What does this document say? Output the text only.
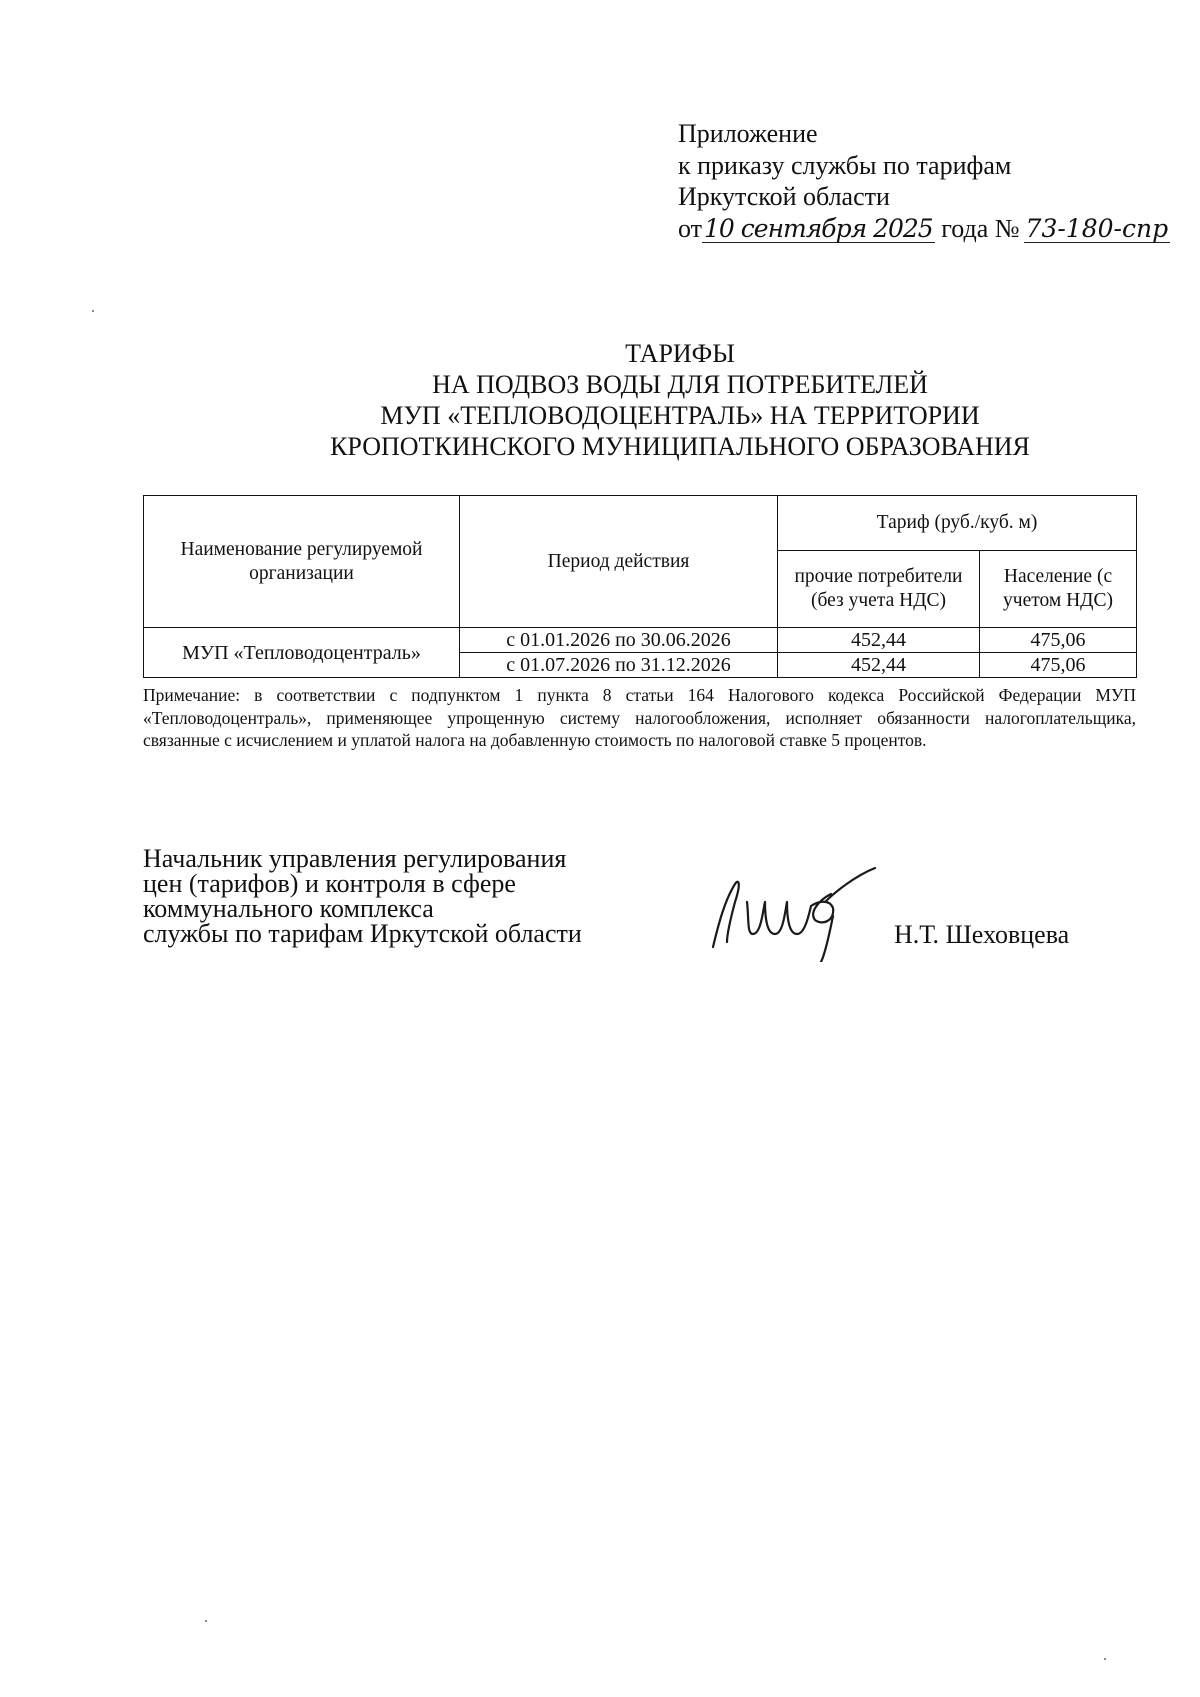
Приложение
к приказу службы по тарифам
Иркутской области
от10 сентября 2025 года № 73-180-спр
ТАРИФЫ
НА ПОДВОЗ ВОДЫ ДЛЯ ПОТРЕБИТЕЛЕЙ
МУП «ТЕПЛОВОДОЦЕНТРАЛЬ» НА ТЕРРИТОРИИ
КРОПОТКИНСКОГО МУНИЦИПАЛЬНОГО ОБРАЗОВАНИЯ
Наименование регулируемой организации	Период действия	Тариф (руб./куб. м)	
		прочие потребители (без учета НДС)	Население (с учетом НДС)
МУП «Тепловодоцентраль»	с 01.01.2026 по 30.06.2026	452,44	475,06
	с 01.07.2026 по 31.12.2026	452,44	475,06
Примечание: в соответствии с подпунктом 1 пункта 8 статьи 164 Налогового кодекса Российской Федерации МУП «Тепловодоцентраль», применяющее упрощенную систему налогообложения, исполняет обязанности налогоплательщика, связанные с исчислением и уплатой налога на добавленную стоимость по налоговой ставке 5 процентов.
Начальник управления регулирования
цен (тарифов) и контроля в сфере
коммунального комплекса
службы по тарифам Иркутской области	Н.Т. Шеховцева
